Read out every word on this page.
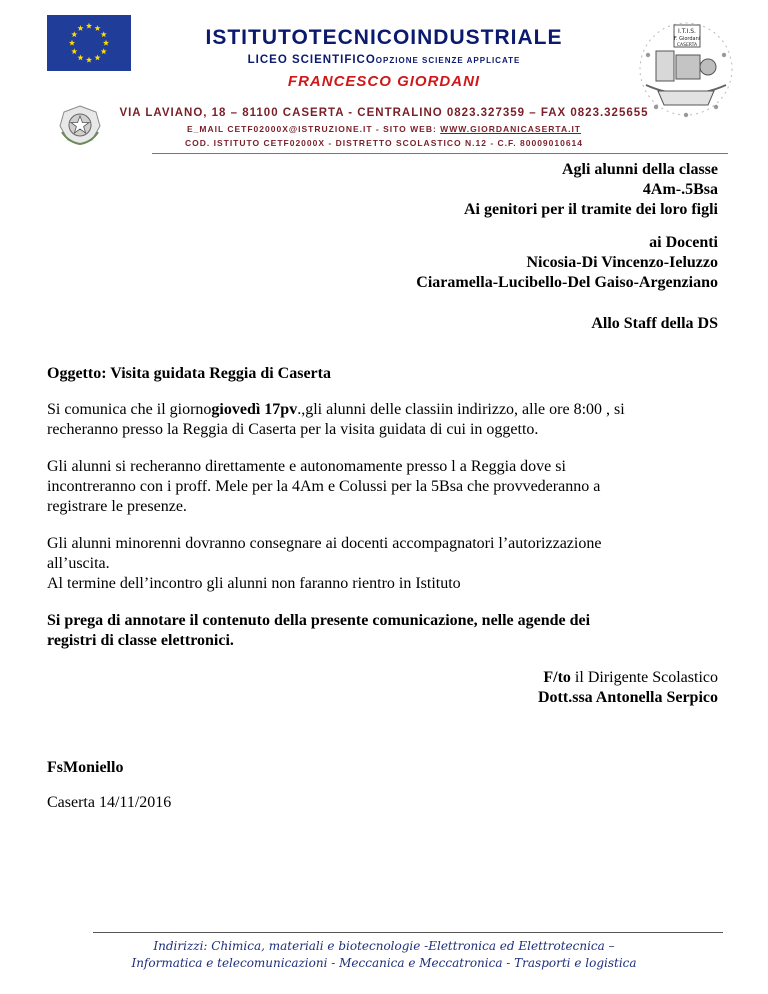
ISTITUTOTECNICOINDUSTRIALE
LICEO SCIENTIFICOOPZIONE SCIENZE APPLICATE
FRANCESCO GIORDANI
VIA LAVIANO, 18 – 81100 CASERTA - CENTRALINO 0823.327359 – FAX 0823.325655
E_MAIL CETF02000X@ISTRUZIONE.IT - SITO WEB: WWW.GIORDANICASERTA.IT
COD. ISTITUTO CETF02000X - DISTRETTO SCOLASTICO N.12 - C.F. 80009010614
I.T.I.S.
F. Giordani
CASERTA
Agli alunni della classe
4Am-.5Bsa
Ai genitori per il tramite dei loro figli
ai Docenti
Nicosia-Di Vincenzo-Ieluzzo
Ciaramella-Lucibello-Del Gaiso-Argenziano
Allo Staff della DS
Oggetto: Visita guidata Reggia di Caserta
Si comunica che il giornogiovedì 17pv.,gli alunni delle classiin indirizzo, alle ore 8:00 , si
recheranno presso la Reggia di Caserta per la visita guidata di cui in oggetto.
Gli alunni si recheranno direttamente e autonomamente presso l a Reggia dove si
incontreranno con i proff. Mele per la 4Am e Colussi per la 5Bsa che provvederanno a
registrare le presenze.
Gli alunni minorenni dovranno consegnare ai docenti accompagnatori l’autorizzazione
all’uscita.
Al termine dell’incontro gli alunni non faranno rientro in Istituto
Si prega di annotare il contenuto della presente comunicazione, nelle agende dei
registri di classe elettronici.
F/to il Dirigente Scolastico
Dott.ssa Antonella Serpico
FsMoniello
Caserta 14/11/2016
Indirizzi: Chimica, materiali e biotecnologie -Elettronica ed Elettrotecnica –
Informatica e telecomunicazioni - Meccanica e Meccatronica - Trasporti e logistica
